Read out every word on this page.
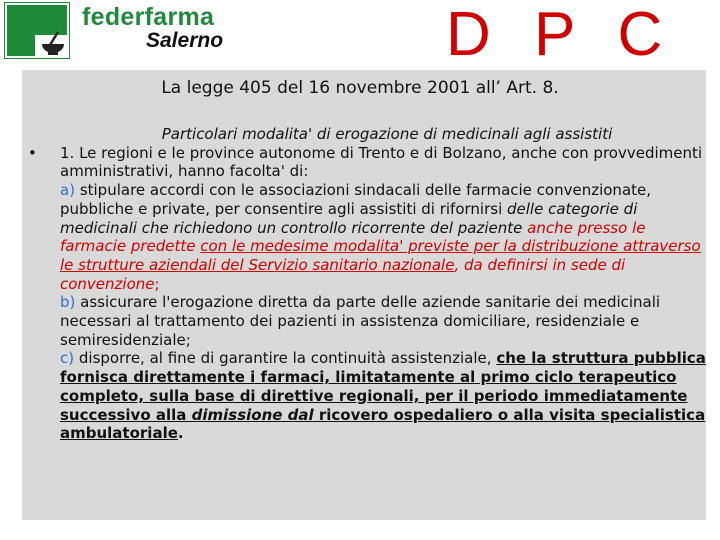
federfarma
Salerno	D P C
La legge 405 del 16 novembre 2001 all’ Art. 8.
Particolari modalita' di erogazione di medicinali agli assistiti
• 1. Le regioni e le province autonome di Trento e di Bolzano, anche con provvedimenti amministrativi, hanno facolta' di:
a) stipulare accordi con le associazioni sindacali delle farmacie convenzionate, pubbliche e private, per consentire agli assistiti di rifornirsi delle categorie di medicinali che richiedono un controllo ricorrente del paziente anche presso le farmacie predette con le medesime modalita' previste per la distribuzione attraverso le strutture aziendali del Servizio sanitario nazionale, da definirsi in sede di convenzione;
b) assicurare l'erogazione diretta da parte delle aziende sanitarie dei medicinali necessari al trattamento dei pazienti in assistenza domiciliare, residenziale e semiresidenziale;
c) disporre, al fine di garantire la continuità assistenziale, che la struttura pubblica fornisca direttamente i farmaci, limitatamente al primo ciclo terapeutico completo, sulla base di direttive regionali, per il periodo immediatamente successivo alla dimissione dal ricovero ospedaliero o alla visita specialistica ambulatoriale.
